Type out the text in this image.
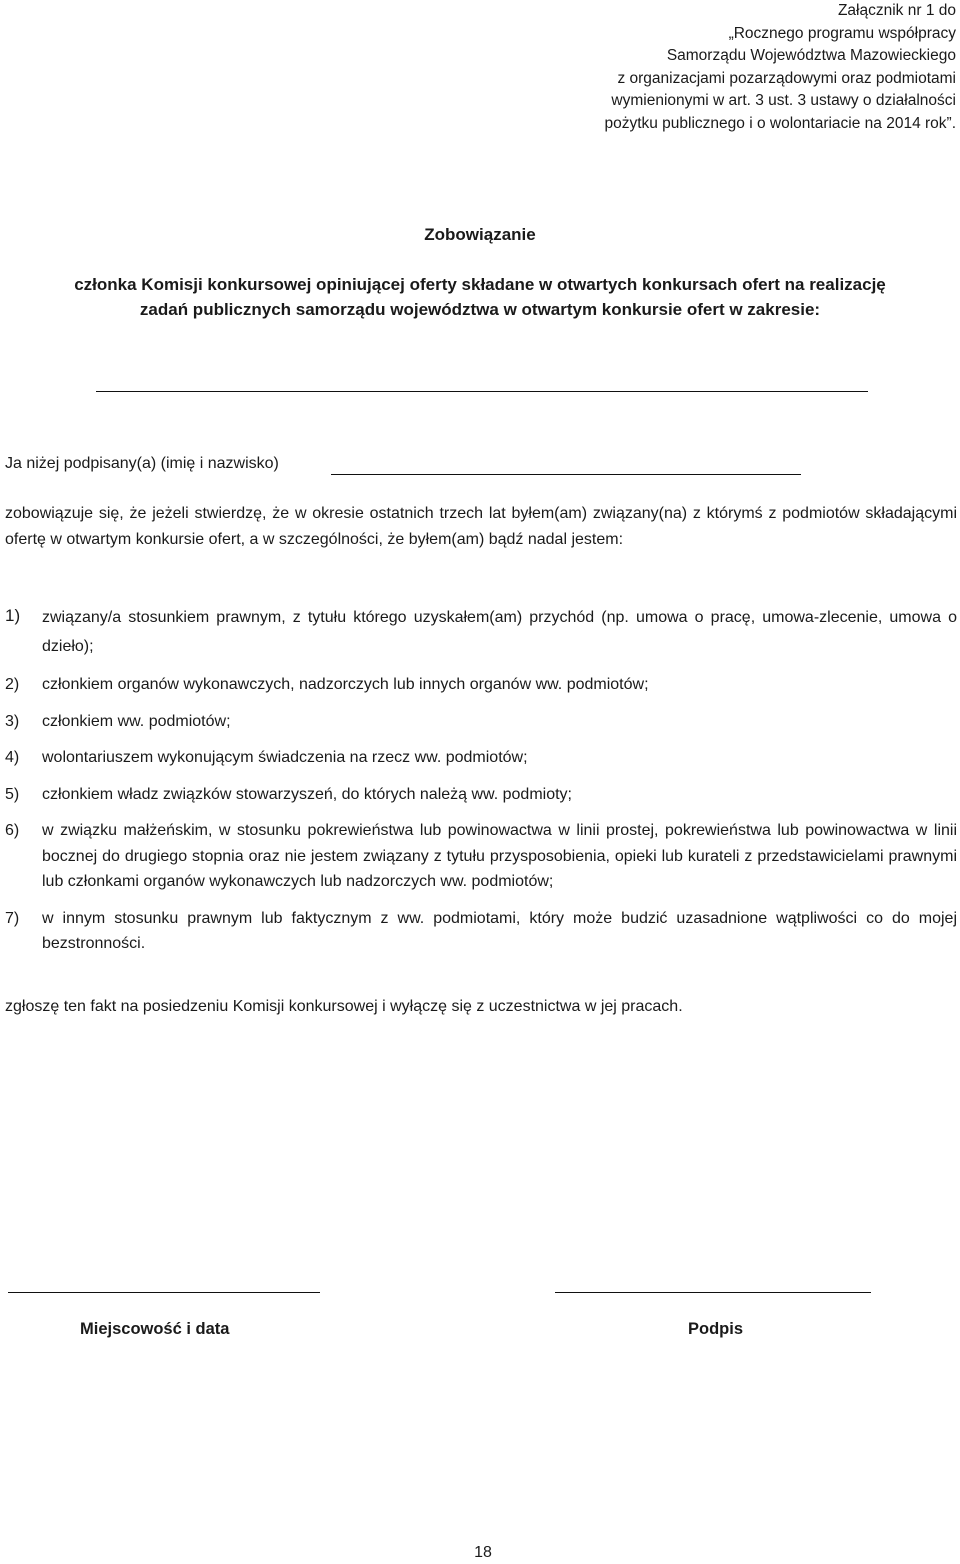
Załącznik nr 1 do
„Rocznego programu współpracy
Samorządu Województwa Mazowieckiego
z organizacjami pozarządowymi oraz podmiotami
wymienionymi w art. 3 ust. 3 ustawy o działalności
pożytku publicznego i o wolontariacie na 2014 rok”.
Zobowiązanie
członka Komisji konkursowej opiniującej oferty składane w otwartych konkursach ofert na realizację
zadań publicznych samorządu województwa w otwartym konkursie ofert w zakresie:
Ja niżej podpisany(a) (imię i nazwisko)
zobowiązuje się, że jeżeli stwierdzę, że w okresie ostatnich trzech lat byłem(am) związany(na) z którymś z podmiotów składającymi ofertę w otwartym konkursie ofert, a w szczególności, że byłem(am) bądź nadal jestem:
1) związany/a stosunkiem prawnym, z tytułu którego uzyskałem(am) przychód (np. umowa o pracę, umowa-zlecenie, umowa o dzieło);
2) członkiem organów wykonawczych, nadzorczych lub innych organów ww. podmiotów;
3) członkiem ww. podmiotów;
4) wolontariuszem wykonującym świadczenia na rzecz ww. podmiotów;
5) członkiem władz związków stowarzyszeń, do których należą ww. podmioty;
6) w związku małżeńskim, w stosunku pokrewieństwa lub powinowactwa w linii prostej, pokrewieństwa lub powinowactwa w linii bocznej do drugiego stopnia oraz nie jestem związany z tytułu przysposobienia, opieki lub kurateli z przedstawicielami prawnymi lub członkami organów wykonawczych lub nadzorczych ww. podmiotów;
7) w innym stosunku prawnym lub faktycznym z ww. podmiotami, który może budzić uzasadnione wątpliwości co do mojej bezstronności.
zgłoszę ten fakt na posiedzeniu Komisji konkursowej i wyłączę się z uczestnictwa w jej pracach.
Miejscowość i data	Podpis
18
